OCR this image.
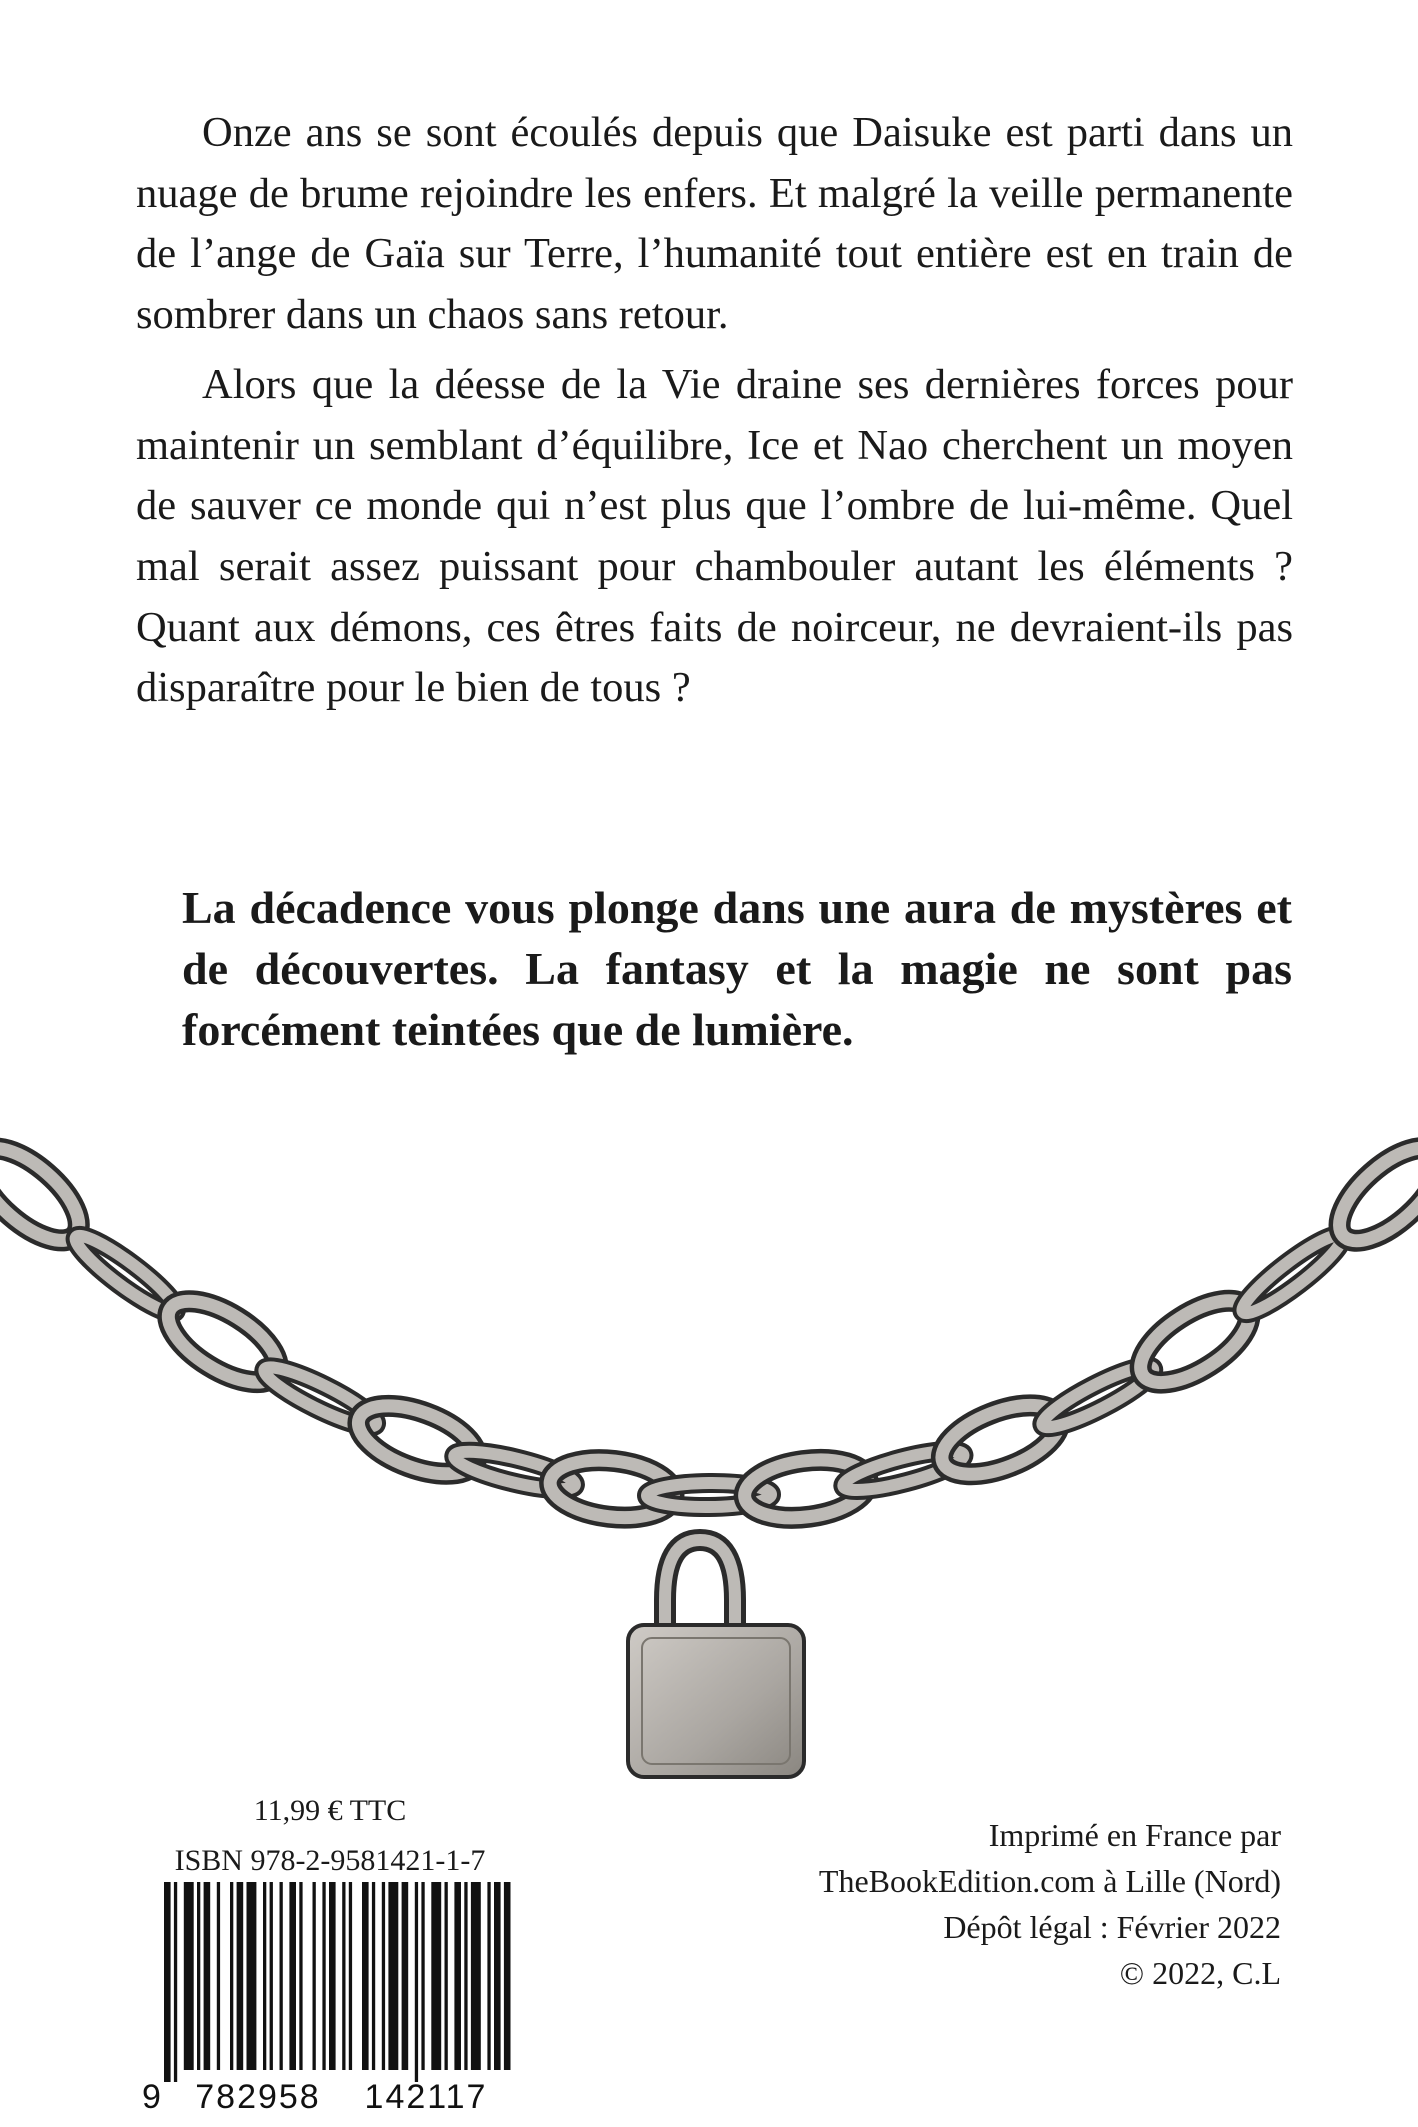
Onze ans se sont écoulés depuis que Daisuke est parti dans un nuage de brume rejoindre les enfers. Et malgré la veille permanente de l’ange de Gaïa sur Terre, l’humanité tout entière est en train de sombrer dans un chaos sans retour.

Alors que la déesse de la Vie draine ses dernières forces pour maintenir un semblant d’équilibre, Ice et Nao cherchent un moyen de sauver ce monde qui n’est plus que l’ombre de lui-même. Quel mal serait assez puissant pour chambouler autant les éléments ? Quant aux démons, ces êtres faits de noirceur, ne devraient-ils pas disparaître pour le bien de tous ?

La décadence vous plonge dans une aura de mystères et de découvertes. La fantasy et la magie ne sont pas forcément teintées que de lumière.

11,99 € TTC
ISBN 978-2-9581421-1-7
9 782958 142117
Imprimé en France par
TheBookEdition.com à Lille (Nord)
Dépôt légal : Février 2022
© 2022, C.L
